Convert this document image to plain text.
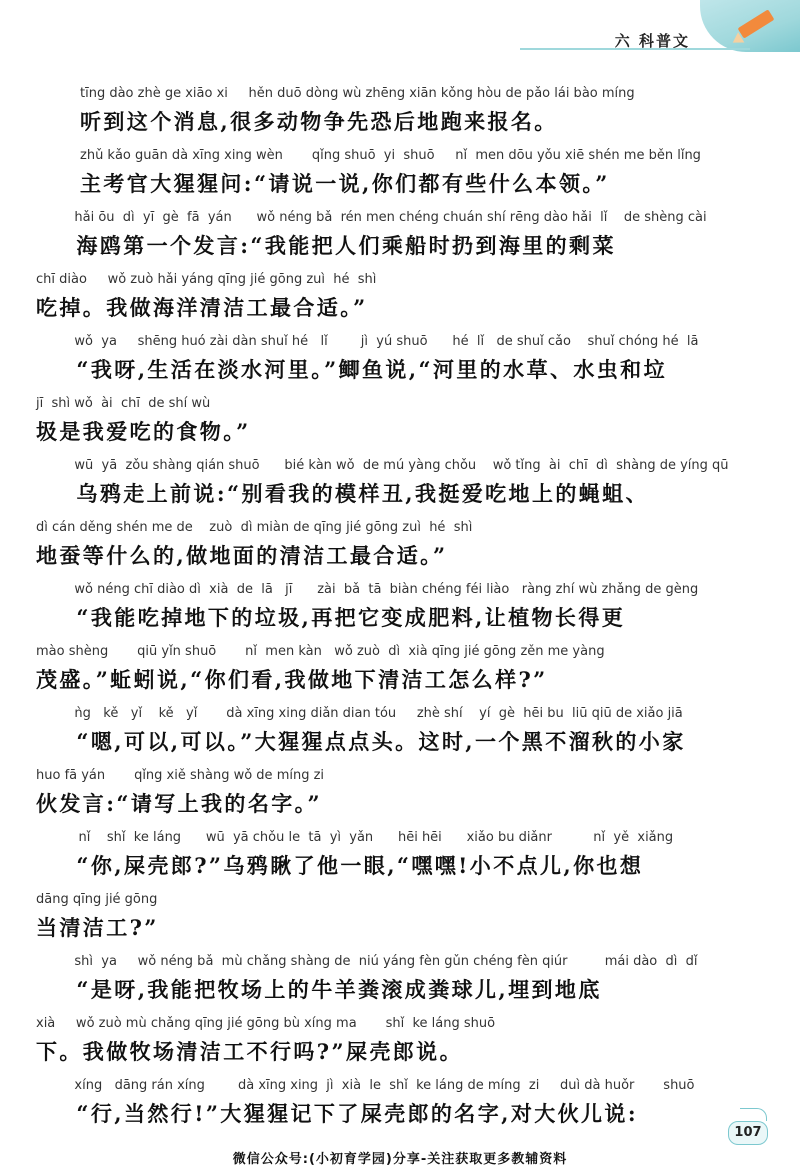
六 科普文
tīng dào zhè ge xiāo xi     hěn duō dòng wù zhēng xiān kǒng hòu de pǎo lái bào míng
听到这个消息,很多动物争先恐后地跑来报名。
zhǔ kǎo guān dà xīng xing wèn       qǐng shuō  yi  shuō     nǐ  men dōu yǒu xiē shén me běn lǐng
主考官大猩猩问:“请说一说,你们都有些什么本领。”
hǎi ōu  dì  yī  gè  fā  yán      wǒ néng bǎ  rén men chéng chuán shí rēng dào hǎi  lǐ    de shèng cài
海鸥第一个发言:“我能把人们乘船时扔到海里的剩菜
chī diào     wǒ zuò hǎi yáng qīng jié gōng zuì  hé  shì
吃掉。我做海洋清洁工最合适。”
wǒ  ya     shēng huó zài dàn shuǐ hé   lǐ        jì  yú shuō      hé  lǐ   de shuǐ cǎo    shuǐ chóng hé  lā
“我呀,生活在淡水河里。”鲫鱼说,“河里的水草、水虫和垃
jī  shì wǒ  ài  chī  de shí wù
圾是我爱吃的食物。”
wū  yā  zǒu shàng qián shuō      bié kàn wǒ  de mú yàng chǒu    wǒ tǐng  ài  chī  dì  shàng de yíng qū
乌鸦走上前说:“别看我的模样丑,我挺爱吃地上的蝇蛆、
dì cán děng shén me de    zuò  dì miàn de qīng jié gōng zuì  hé  shì
地蚕等什么的,做地面的清洁工最合适。”
wǒ néng chī diào dì  xià  de  lā   jī      zài  bǎ  tā  biàn chéng féi liào   ràng zhí wù zhǎng de gèng
“我能吃掉地下的垃圾,再把它变成肥料,让植物长得更
mào shèng       qiū yǐn shuō       nǐ  men kàn   wǒ zuò  dì  xià qīng jié gōng zěn me yàng
茂盛。”蚯蚓说,“你们看,我做地下清洁工怎么样?”
ǹg   kě   yǐ    kě   yǐ       dà xīng xing diǎn dian tóu     zhè shí    yí  gè  hēi bu  liū qiū de xiǎo jiā
“嗯,可以,可以。”大猩猩点点头。这时,一个黑不溜秋的小家
huo fā yán       qǐng xiě shàng wǒ de míng zi
伙发言:“请写上我的名字。”
nǐ    shǐ  ke láng      wū  yā chǒu le  tā  yì  yǎn      hēi hēi      xiǎo bu diǎnr          nǐ  yě  xiǎng
“你,屎壳郎?”乌鸦瞅了他一眼,“嘿嘿!小不点儿,你也想
dāng qīng jié gōng
当清洁工?”
shì  ya     wǒ néng bǎ  mù chǎng shàng de  niú yáng fèn gǔn chéng fèn qiúr         mái dào  dì  dǐ
“是呀,我能把牧场上的牛羊粪滚成粪球儿,埋到地底
xià     wǒ zuò mù chǎng qīng jié gōng bù xíng ma       shǐ  ke láng shuō
下。我做牧场清洁工不行吗?”屎壳郎说。
xíng   dāng rán xíng        dà xīng xing  jì  xià  le  shǐ  ke láng de míng  zi     duì dà huǒr       shuō
“行,当然行!”大猩猩记下了屎壳郎的名字,对大伙儿说:
107
微信公众号:(小初育学园)分享-关注获取更多教辅资料
